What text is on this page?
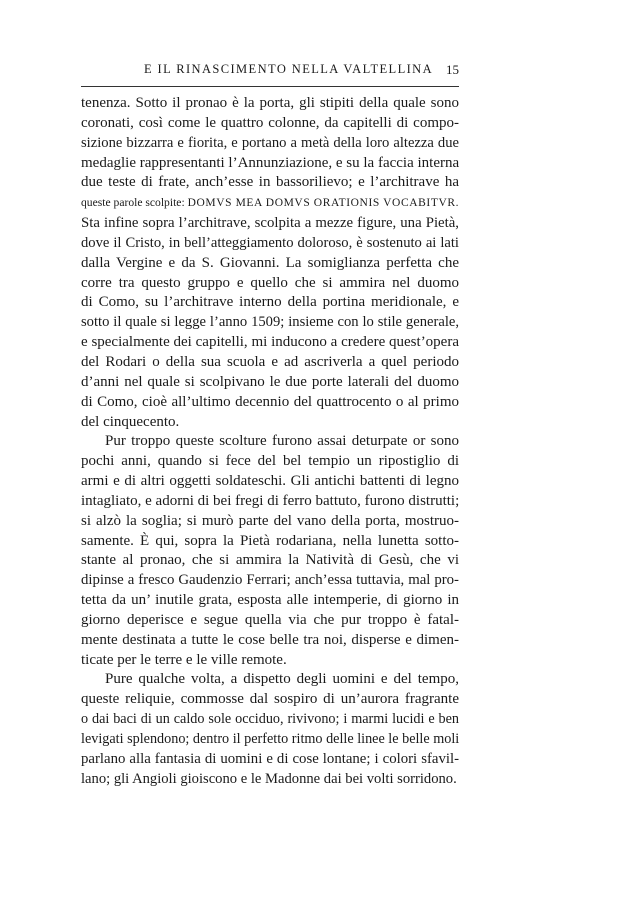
E IL RINASCIMENTO NELLA VALTELLINA 15

tenenza. Sotto il pronao è la porta, gli stipiti della quale sono
coronati, così come le quattro colonne, da capitelli di compo-
sizione bizzarra e fiorita, e portano a metà della loro altezza due
medaglie rappresentanti l’Annunziazione, e su la faccia interna
due teste di frate, anch’esse in bassorilievo; e l’architrave ha
queste parole scolpite: DOMVS MEA DOMVS ORATIONIS VOCABITVR.
Sta infine sopra l’architrave, scolpita a mezze figure, una Pietà,
dove il Cristo, in bell’atteggiamento doloroso, è sostenuto ai lati
dalla Vergine e da S. Giovanni. La somiglianza perfetta che
corre tra questo gruppo e quello che si ammira nel duomo
di Como, su l’architrave interno della portina meridionale, e
sotto il quale si legge l’anno 1509; insieme con lo stile generale,
e specialmente dei capitelli, mi inducono a credere quest’opera
del Rodari o della sua scuola e ad ascriverla a quel periodo
d’anni nel quale si scolpivano le due porte laterali del duomo
di Como, cioè all’ultimo decennio del quattrocento o al primo
del cinquecento.

Pur troppo queste scolture furono assai deturpate or sono
pochi anni, quando si fece del bel tempio un ripostiglio di
armi e di altri oggetti soldateschi. Gli antichi battenti di legno
intagliato, e adorni di bei fregi di ferro battuto, furono distrutti;
si alzò la soglia; si murò parte del vano della porta, mostruo-
samente. È qui, sopra la Pietà rodariana, nella lunetta sotto-
stante al pronao, che si ammira la Natività di Gesù, che vi
dipinse a fresco Gaudenzio Ferrari; anch’essa tuttavia, mal pro-
tetta da un’ inutile grata, esposta alle intemperie, di giorno in
giorno deperisce e segue quella via che pur troppo è fatal-
mente destinata a tutte le cose belle tra noi, disperse e dimen-
ticate per le terre e le ville remote.

Pure qualche volta, a dispetto degli uomini e del tempo,
queste reliquie, commosse dal sospiro di un’aurora fragrante
o dai baci di un caldo sole occiduo, rivivono; i marmi lucidi e ben
levigati splendono; dentro il perfetto ritmo delle linee le belle moli
parlano alla fantasia di uomini e di cose lontane; i colori sfavil-
lano; gli Angioli gioiscono e le Madonne dai bei volti sorridono.
